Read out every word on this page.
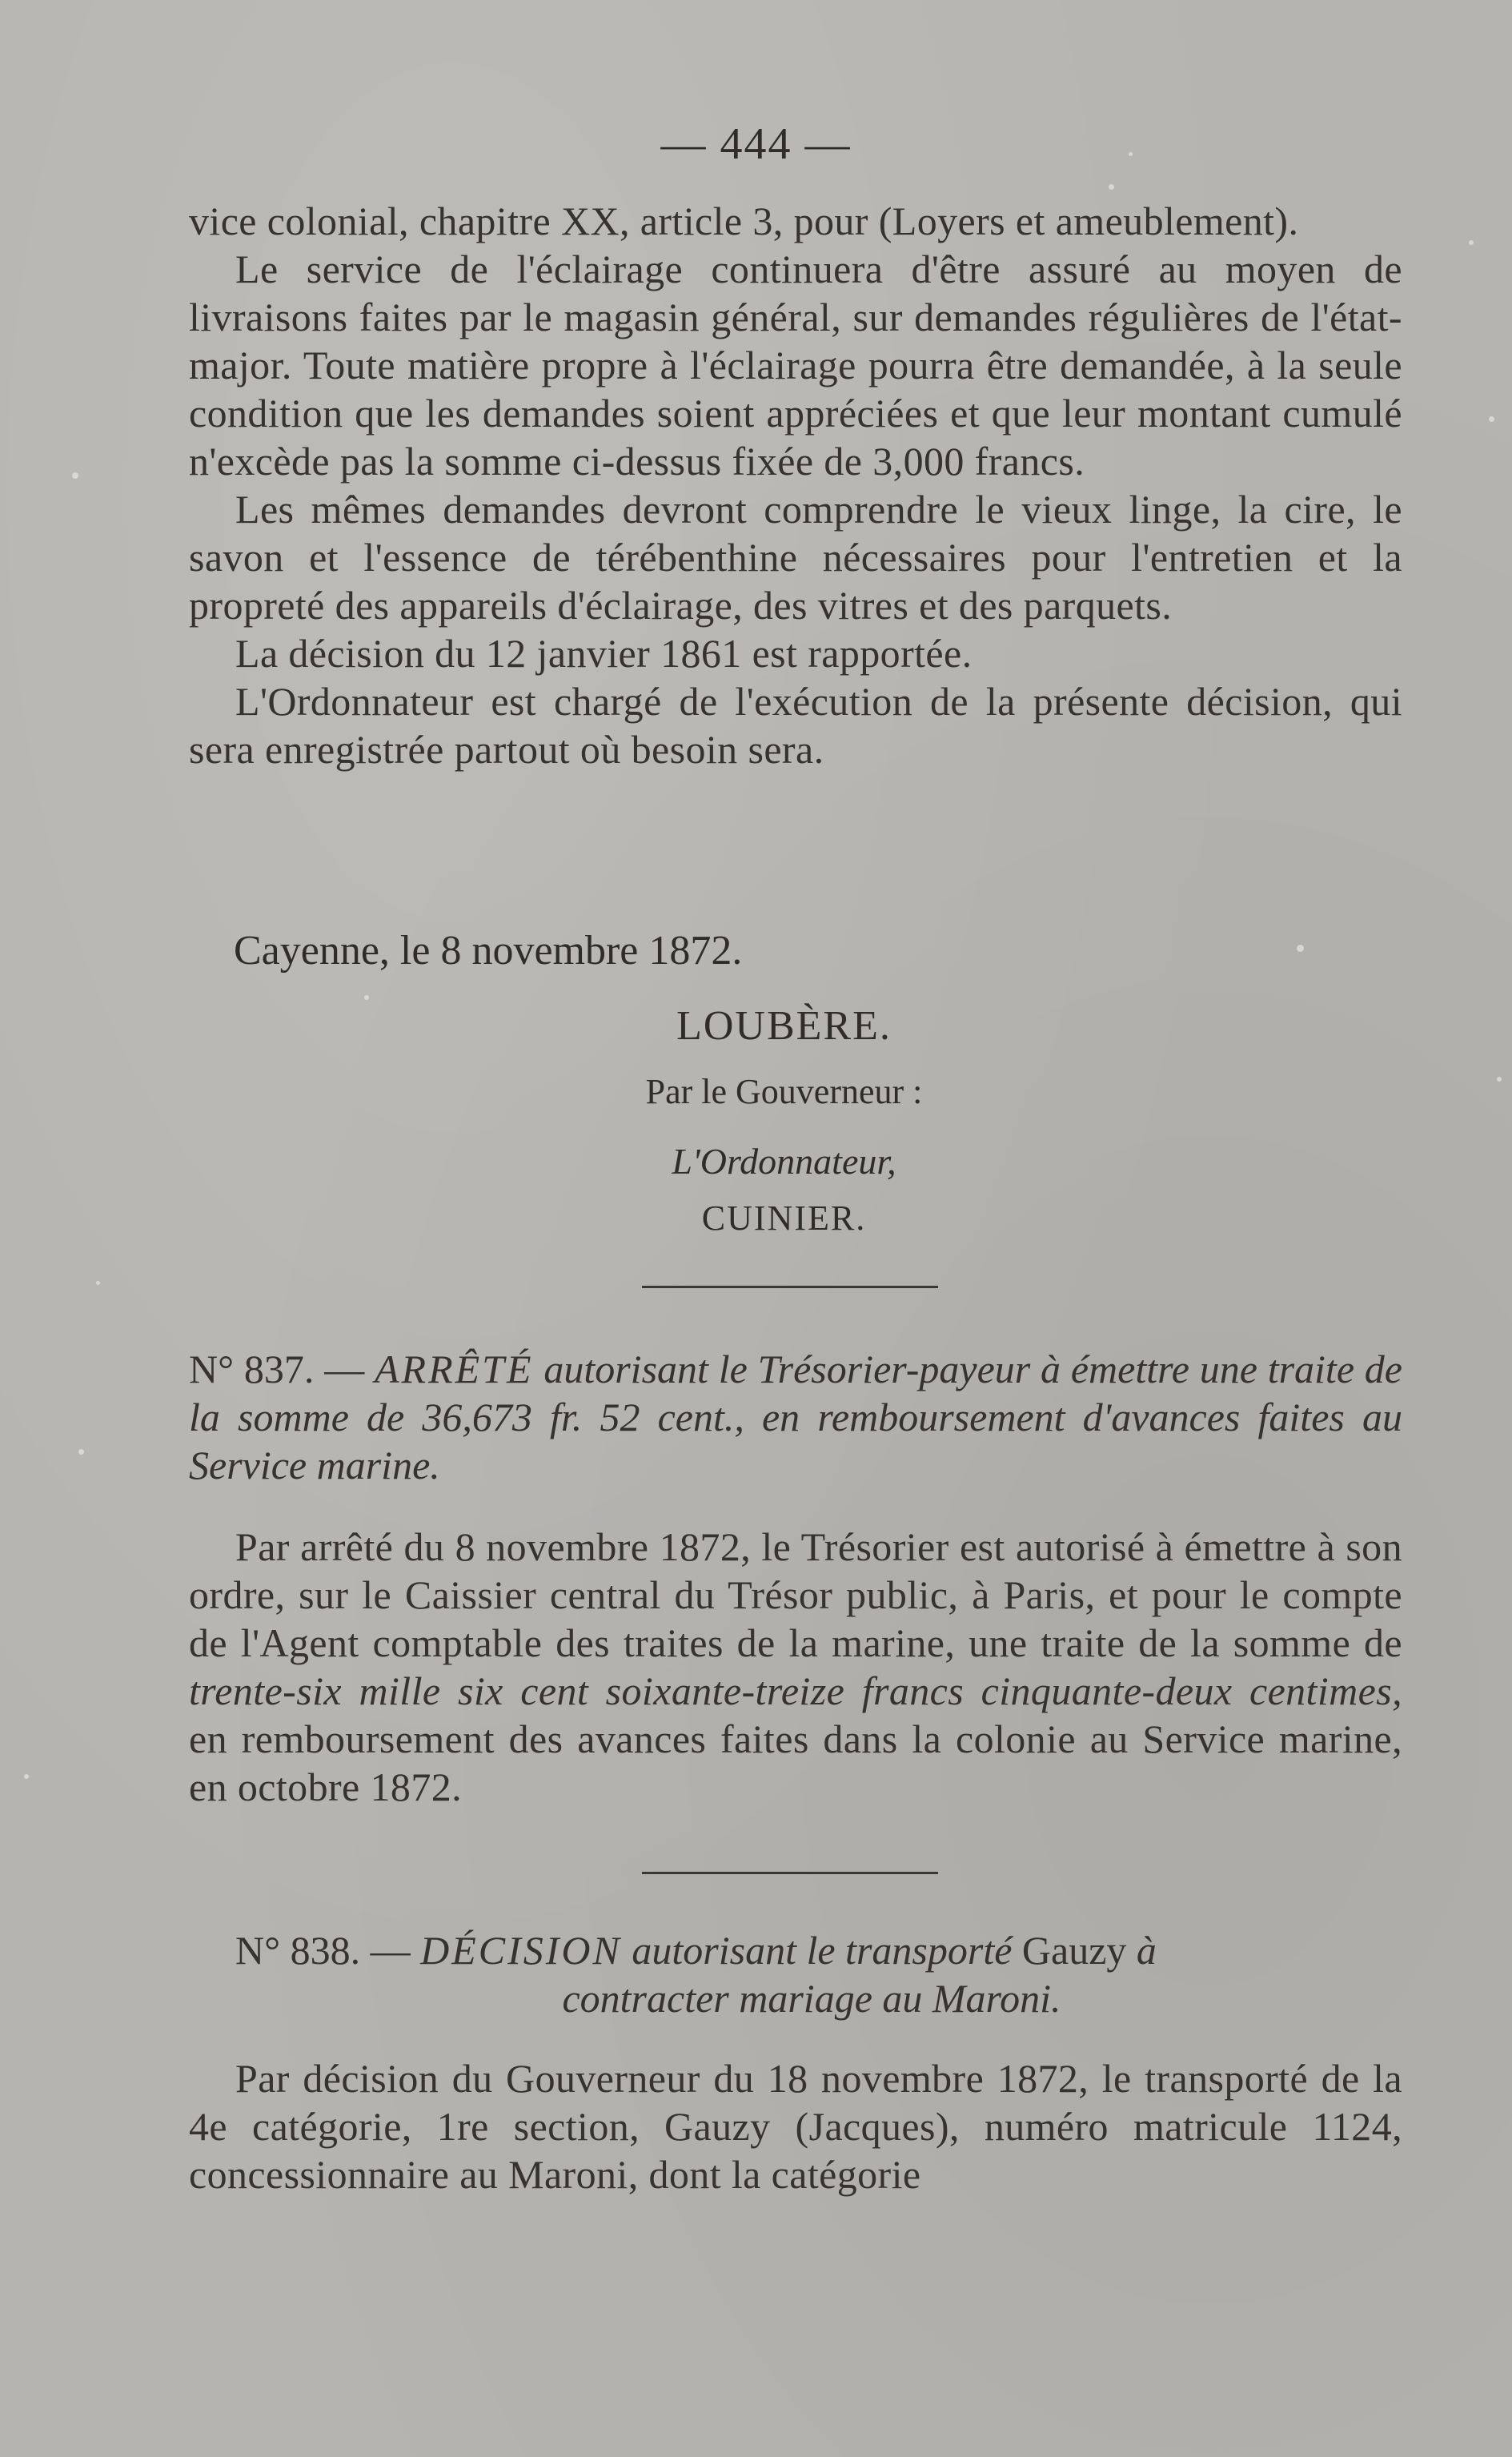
— 444 —

vice colonial, chapitre XX, article 3, pour (Loyers et ameublement).

Le service de l'éclairage continuera d'être assuré au moyen de livraisons faites par le magasin général, sur demandes régulières de l'état-major. Toute matière propre à l'éclairage pourra être demandée, à la seule condition que les demandes soient appréciées et que leur montant cumulé n'excède pas la somme ci-dessus fixée de 3,000 francs.

Les mêmes demandes devront comprendre le vieux linge, la cire, le savon et l'essence de térébenthine nécessaires pour l'entretien et la propreté des appareils d'éclairage, des vitres et des parquets.

La décision du 12 janvier 1861 est rapportée.

L'Ordonnateur est chargé de l'exécution de la présente décision, qui sera enregistrée partout où besoin sera.

Cayenne, le 8 novembre 1872.
LOUBÈRE.
Par le Gouverneur :
L'Ordonnateur,
CUINIER.
N° 837. — ARRÊTÉ autorisant le Trésorier-payeur à émettre une traite de la somme de 36,673 fr. 52 cent., en remboursement d'avances faites au Service marine.

Par arrêté du 8 novembre 1872, le Trésorier est autorisé à émettre à son ordre, sur le Caissier central du Trésor public, à Paris, et pour le compte de l'Agent comptable des traites de la marine, une traite de la somme de trente-six mille six cent soixante-treize francs cinquante-deux centimes, en remboursement des avances faites dans la colonie au Service marine, en octobre 1872.

N° 838. — DÉCISION autorisant le transporté Gauzy à
contracter mariage au Maroni.

Par décision du Gouverneur du 18 novembre 1872, le transporté de la 4e catégorie, 1re section, Gauzy (Jacques), numéro matricule 1124, concessionnaire au Maroni, dont la catégorie
